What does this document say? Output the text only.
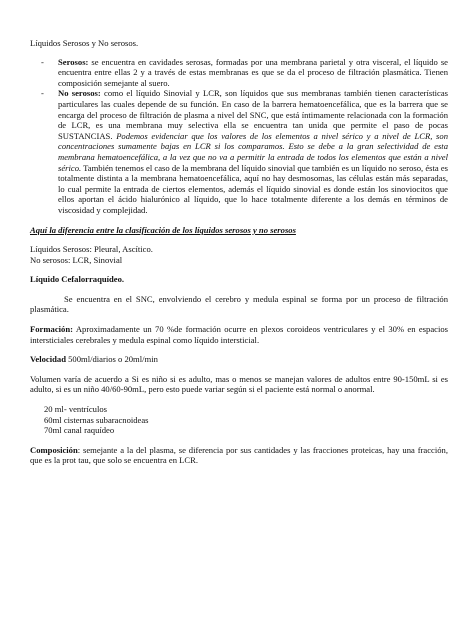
Líquidos Serosos y No serosos.

- Serosos: se encuentra en cavidades serosas, formadas por una membrana parietal y otra visceral, el líquido se encuentra entre ellas 2 y a través de estas membranas es que se da el proceso de filtración plasmática. Tienen composición semejante al suero.
- No serosos: como el líquido Sinovial y LCR, son líquidos que sus membranas también tienen características particulares las cuales depende de su función. En caso de la barrera hematoencefálica, que es la barrera que se encarga del proceso de filtración de plasma a nivel del SNC, que está íntimamente relacionada con la formación de LCR, es una membrana muy selectiva ella se encuentra tan unida que permite el paso de pocas SUSTANCIAS. Podemos evidenciar que los valores de los elementos a nivel sérico y a nivel de LCR, son concentraciones sumamente bajas en LCR si los comparamos. Esto se debe a la gran selectividad de esta membrana hematoencefálica, a la vez que no va a permitir la entrada de todos los elementos que están a nivel sérico. También tenemos el caso de la membrana del líquido sinovial que también es un líquido no seroso, ésta es totalmente distinta a la membrana hematoencefálica, aquí no hay desmosomas, las células están más separadas, lo cual permite la entrada de ciertos elementos, además el líquido sinovial es donde están los sinoviocitos que ellos aportan el ácido hialurónico al líquido, que lo hace totalmente diferente a los demás en términos de viscosidad y complejidad.

Aquí la diferencia entre la clasificación de los líquidos serosos y no serosos

Líquidos Serosos: Pleural, Ascítico.

No serosos: LCR, Sinovial

Líquido Cefalorraquídeo.

Se encuentra en el SNC, envolviendo el cerebro y medula espinal se forma por un proceso de filtración plasmática.

Formación: Aproximadamente un 70 %de formación ocurre en plexos coroideos ventriculares y el 30% en espacios intersticiales cerebrales y medula espinal como líquido intersticial.

Velocidad 500ml/diarios o 20ml/min

Volumen varía de acuerdo a Si es niño si es adulto, mas o menos se manejan valores de adultos entre 90-150mL si es adulto, si es un niño 40/60-90mL, pero esto puede variar según si el paciente está normal o anormal.

20 ml- ventrículos

60ml cisternas subaracnoideas

70ml canal raquídeo

Composición: semejante a la del plasma, se diferencia por sus cantidades y las fracciones proteicas, hay una fracción, que es la prot tau, que solo se encuentra en LCR.
